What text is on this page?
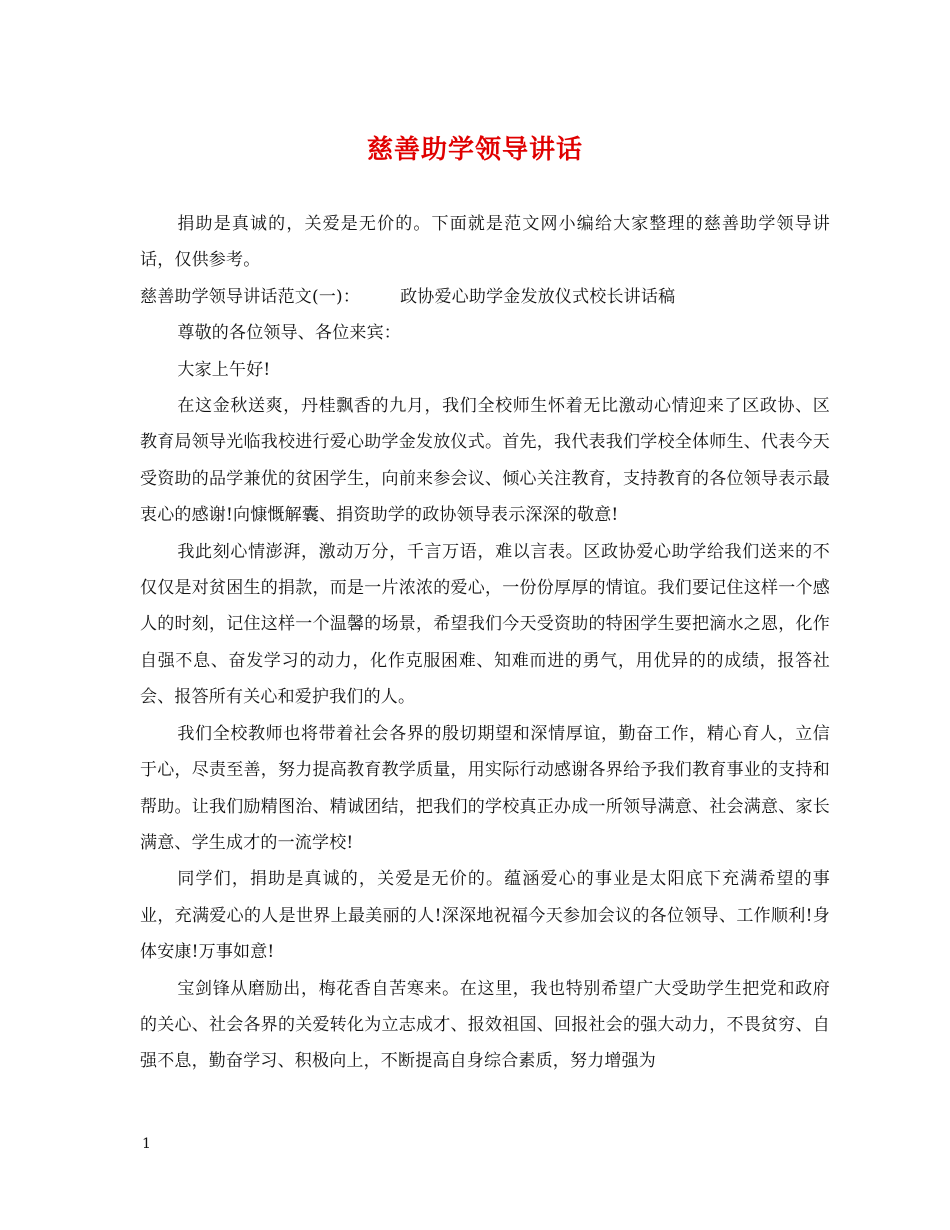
慈善助学领导讲话

捐助是真诚的，关爱是无价的。下面就是范文网小编给大家整理的慈善助学领导讲话，仅供参考。

慈善助学领导讲话范文(一)： 政协爱心助学金发放仪式校长讲话稿

尊敬的各位领导、各位来宾：

大家上午好!

在这金秋送爽，丹桂飘香的九月，我们全校师生怀着无比激动心情迎来了区政协、区教育局领导光临我校进行爱心助学金发放仪式。首先，我代表我们学校全体师生、代表今天受资助的品学兼优的贫困学生，向前来参会议、倾心关注教育，支持教育的各位领导表示最衷心的感谢!向慷慨解囊、捐资助学的政协领导表示深深的敬意!

我此刻心情澎湃，激动万分，千言万语，难以言表。区政协爱心助学给我们送来的不仅仅是对贫困生的捐款，而是一片浓浓的爱心，一份份厚厚的情谊。我们要记住这样一个感人的时刻，记住这样一个温馨的场景，希望我们今天受资助的特困学生要把滴水之恩，化作自强不息、奋发学习的动力，化作克服困难、知难而进的勇气，用优异的的成绩，报答社会、报答所有关心和爱护我们的人。

我们全校教师也将带着社会各界的殷切期望和深情厚谊，勤奋工作，精心育人，立信于心，尽责至善，努力提高教育教学质量，用实际行动感谢各界给予我们教育事业的支持和帮助。让我们励精图治、精诚团结，把我们的学校真正办成一所领导满意、社会满意、家长满意、学生成才的一流学校!

同学们，捐助是真诚的，关爱是无价的。蕴涵爱心的事业是太阳底下充满希望的事业，充满爱心的人是世界上最美丽的人!深深地祝福今天参加会议的各位领导、工作顺利!身体安康!万事如意!

宝剑锋从磨励出，梅花香自苦寒来。在这里，我也特别希望广大受助学生把党和政府的关心、社会各界的关爱转化为立志成才、报效祖国、回报社会的强大动力，不畏贫穷、自强不息，勤奋学习、积极向上，不断提高自身综合素质，努力增强为

1
